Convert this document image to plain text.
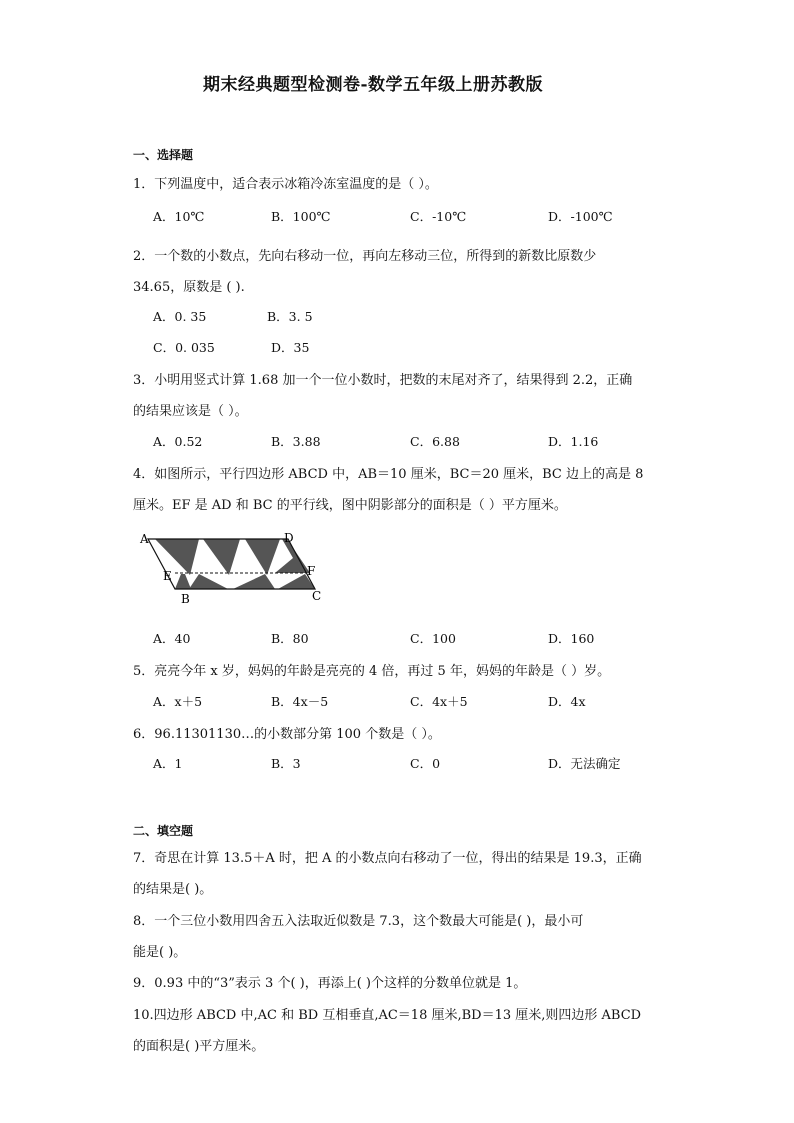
期末经典题型检测卷-数学五年级上册苏教版
一、选择题
1．下列温度中，适合表示冰箱冷冻室温度的是（ ）。
A．10℃	B．100℃	C．-10℃	D．-100℃
2．一个数的小数点，先向右移动一位，再向左移动三位，所得到的新数比原数少
34.65，原数是 ( ).
A．0. 35	B．3. 5
C．0. 035	D．35
3．小明用竖式计算 1.68 加一个一位小数时，把数的末尾对齐了，结果得到 2.2，正确
的结果应该是（ ）。
A．0.52	B．3.88	C．6.88	D．1.16
4．如图所示，平行四边形 ABCD 中，AB＝10 厘米，BC＝20 厘米，BC 边上的高是 8
厘米。EF 是 AD 和 BC 的平行线，图中阴影部分的面积是（ ）平方厘米。
A	D
E	F
B	C
A．40	B．80	C．100	D．160
5．亮亮今年 x 岁，妈妈的年龄是亮亮的 4 倍，再过 5 年，妈妈的年龄是（ ）岁。
A．x＋5	B．4x－5	C．4x＋5	D．4x
6．96.11301130…的小数部分第 100 个数是（ ）。
A．1	B．3	C．0	D．无法确定
二、填空题
7．奇思在计算 13.5＋A 时，把 A 的小数点向右移动了一位，得出的结果是 19.3，正确
的结果是( )。
8．一个三位小数用四舍五入法取近似数是 7.3，这个数最大可能是( )，最小可
能是( )。
9．0.93 中的“3”表示 3 个( )，再添上( )个这样的分数单位就是 1。
10.四边形 ABCD 中,AC 和 BD 互相垂直,AC＝18 厘米,BD＝13 厘米,则四边形 ABCD
的面积是( )平方厘米。
